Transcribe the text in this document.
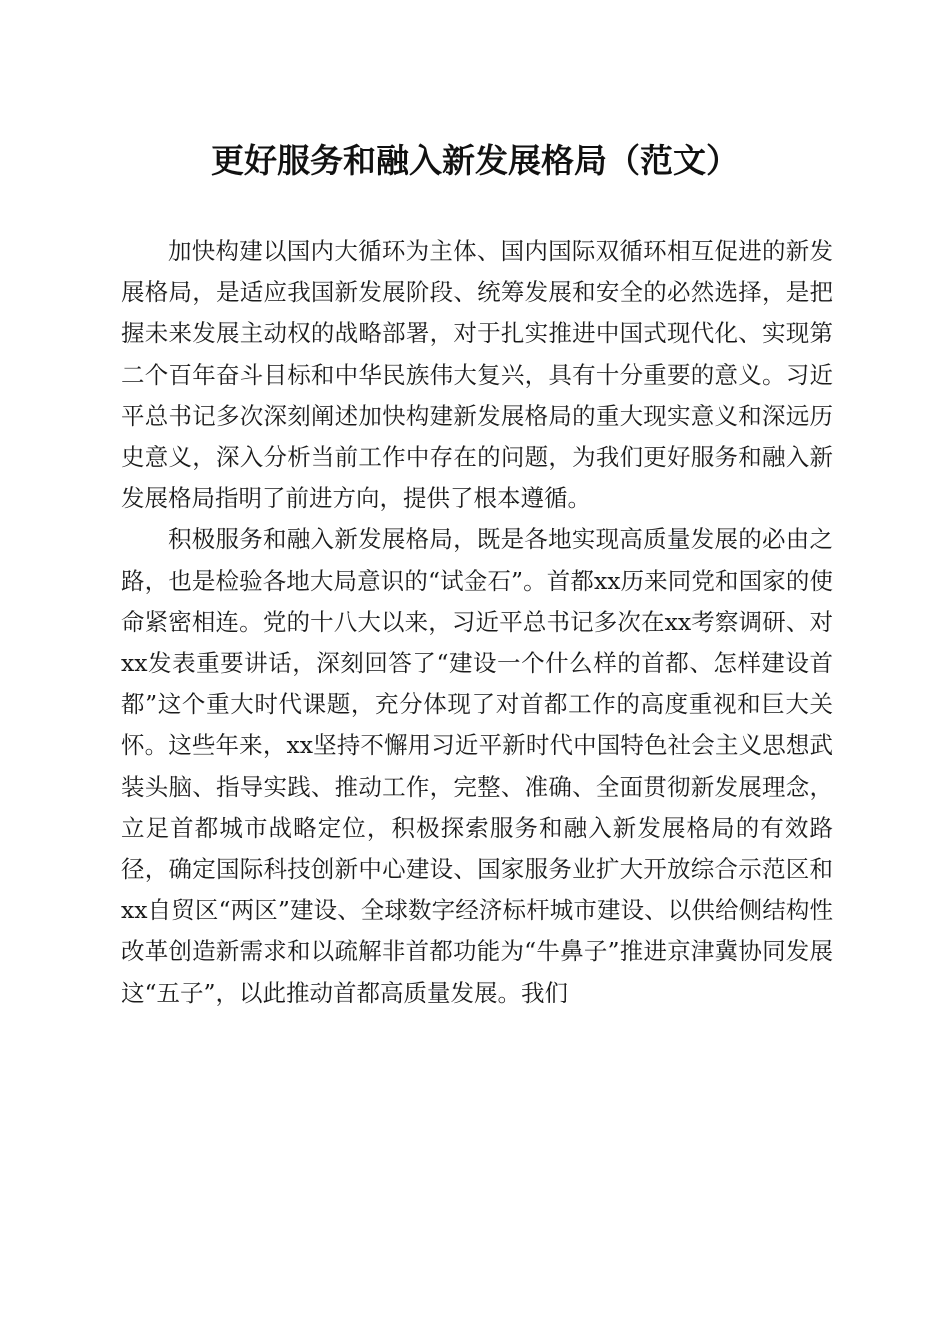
更好服务和融入新发展格局（范文）

加快构建以国内大循环为主体、国内国际双循环相互促进的新发展格局，是适应我国新发展阶段、统筹发展和安全的必然选择，是把握未来发展主动权的战略部署，对于扎实推进中国式现代化、实现第二个百年奋斗目标和中华民族伟大复兴，具有十分重要的意义。习近平总书记多次深刻阐述加快构建新发展格局的重大现实意义和深远历史意义，深入分析当前工作中存在的问题，为我们更好服务和融入新发展格局指明了前进方向，提供了根本遵循。

积极服务和融入新发展格局，既是各地实现高质量发展的必由之路，也是检验各地大局意识的“试金石”。首都xx历来同党和国家的使命紧密相连。党的十八大以来，习近平总书记多次在xx考察调研、对xx发表重要讲话，深刻回答了“建设一个什么样的首都、怎样建设首都”这个重大时代课题，充分体现了对首都工作的高度重视和巨大关怀。这些年来，xx坚持不懈用习近平新时代中国特色社会主义思想武装头脑、指导实践、推动工作，完整、准确、全面贯彻新发展理念，立足首都城市战略定位，积极探索服务和融入新发展格局的有效路径，确定国际科技创新中心建设、国家服务业扩大开放综合示范区和xx自贸区“两区”建设、全球数字经济标杆城市建设、以供给侧结构性改革创造新需求和以疏解非首都功能为“牛鼻子”推进京津冀协同发展这“五子”，以此推动首都高质量发展。我们
